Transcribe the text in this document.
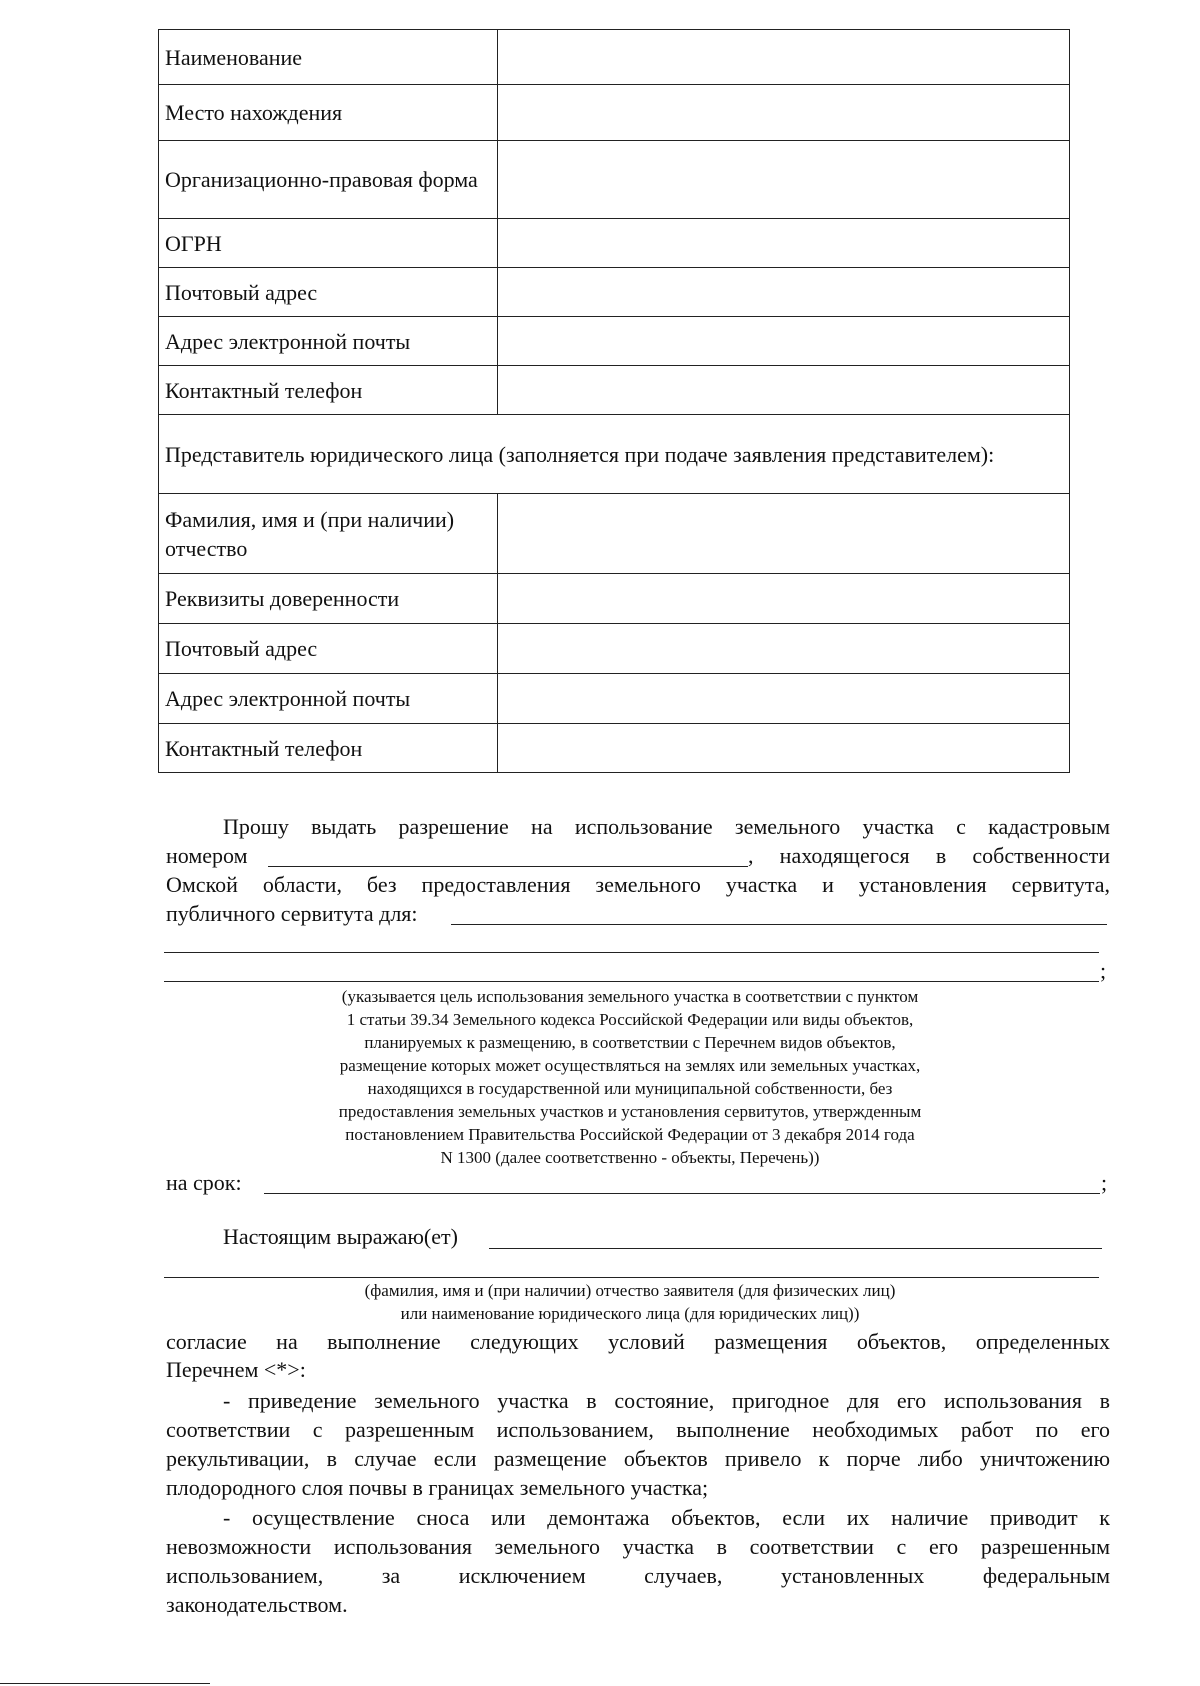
Наименование	
Место нахождения	
Организационно-правовая форма	
ОГРН	
Почтовый адрес	
Адрес электронной почты	
Контактный телефон	
Представитель юридического лица (заполняется при подаче заявления представителем):	
Фамилия, имя и (при наличии) отчество	
Реквизиты доверенности	
Почтовый адрес	
Адрес электронной почты	
Контактный телефон	
Прошу выдать разрешение на использование земельного участка с кадастровым
номером	, находящегося в собственности
Омской области, без предоставления земельного участка и установления сервитута,
публичного сервитута для:
;
(указывается цель использования земельного участка в соответствии с пунктом
1 статьи 39.34 Земельного кодекса Российской Федерации или виды объектов,
планируемых к размещению, в соответствии с Перечнем видов объектов,
размещение которых может осуществляться на землях или земельных участках,
находящихся в государственной или муниципальной собственности, без
предоставления земельных участков и установления сервитутов, утвержденным
постановлением Правительства Российской Федерации от 3 декабря 2014 года
N 1300 (далее соответственно - объекты, Перечень))
на срок:	;
Настоящим выражаю(ет)
(фамилия, имя и (при наличии) отчество заявителя (для физических лиц)
или наименование юридического лица (для юридических лиц))
согласие на выполнение следующих условий размещения объектов, определенных
Перечнем <*>:
- приведение земельного участка в состояние, пригодное для его использования в
соответствии с разрешенным использованием, выполнение необходимых работ по его
рекультивации, в случае если размещение объектов привело к порче либо уничтожению
плодородного слоя почвы в границах земельного участка;
- осуществление сноса или демонтажа объектов, если их наличие приводит к
невозможности использования земельного участка в соответствии с его разрешенным
использованием, за исключением случаев, установленных федеральным
законодательством.
